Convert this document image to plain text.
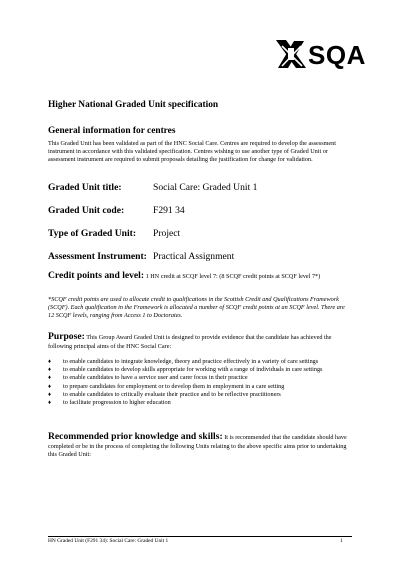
SQA
Higher National Graded Unit specification
General information for centres
This Graded Unit has been validated as part of the HNC Social Care. Centres are required to develop the assessment instrument in accordance with this validated specification. Centres wishing to use another type of Graded Unit or assessment instrument are required to submit proposals detailing the justification for change for validation.
Graded Unit title:	Social Care: Graded Unit 1
Graded Unit code:	F291 34
Type of Graded Unit: Project
Assessment Instrument: Practical Assignment
Credit points and level: 1 HN credit at SCQF level 7: (8 SCQF credit points at SCQF level 7*)
*SCQF credit points are used to allocate credit to qualifications in the Scottish Credit and Qualifications Framework (SCQF). Each qualification in the Framework is allocated a number of SCQF credit points at an SCQF level. There are 12 SCQF levels, ranging from Access 1 to Doctorates.
Purpose: This Group Award Graded Unit is designed to provide evidence that the candidate has achieved the following principal aims of the HNC Social Care:
♦ to enable candidates to integrate knowledge, theory and practice effectively in a variety of care settings
♦ to enable candidates to develop skills appropriate for working with a range of individuals in care settings
♦ to enable candidates to have a service user and carer focus in their practice
♦ to prepare candidates for employment or to develop them in employment in a care setting
♦ to enable candidates to critically evaluate their practice and to be reflective practitioners
♦ to facilitate progression to higher education
Recommended prior knowledge and skills: It is recommended that the candidate should have completed or be in the process of completing the following Units relating to the above specific aims prior to undertaking this Graded Unit:
HN Graded Unit (F291 34): Social Care: Graded Unit 1	1
